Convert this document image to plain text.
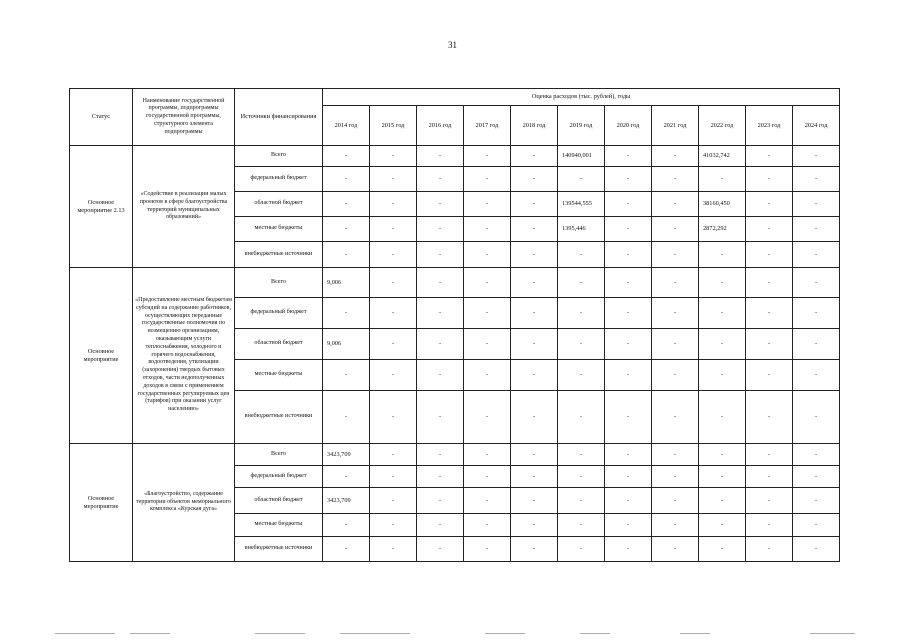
31
Статус	Наименование государственной программы, подпрограммы государственной программы, структурного элемента подпрограммы	Источники финансирования	Оценка расходов (тыс. рублей), годы										
			2014 год	2015 год	2016 год	2017 год	2018 год	2019 год	2020 год	2021 год	2022 год	2023 год	2024 год
Основное мероприятие 2.13	«Содействие в реализации малых проектов в сфере благоустройства территорий муниципальных образований»	Всего	-	-	-	-	-	140940,001	-	-	41032,742	-	-
		федеральный бюджет	-	-	-	-	-	-	-	-	-	-	-
		областной бюджет	-	-	-	-	-	139544,555	-	-	38160,450	-	-
		местные бюджеты	-	-	-	-	-	1395,446	-	-	2872,292	-	-
		внебюджетные источники	-	-	-	-	-	-	-	-	-	-	-
Основное мероприятие	«Предоставление местным бюджетам субсидий на содержание работников, осуществляющих переданные государственные полномочия по возмещению организациям, оказывающим услуги теплоснабжения, холодного и горячего водоснабжения, водоотведения, утилизации (захоронения) твердых бытовых отходов, части недополученных доходов в связи с применением государственных регулируемых цен (тарифов) при оказании услуг населению»	Всего	9,006	-	-	-	-	-	-	-	-	-	-
		федеральный бюджет	-	-	-	-	-	-	-	-	-	-	-
		областной бюджет	9,006	-	-	-	-	-	-	-	-	-	-
		местные бюджеты	-	-	-	-	-	-	-	-	-	-	-
		внебюджетные источники	-	-	-	-	-	-	-	-	-	-	-
Основное мероприятие	«Благоустройство, содержание территории объектов мемориального комплекса «Курская дуга»	Всего	3423,709	-	-	-	-	-	-	-	-	-	-
		федеральный бюджет	-	-	-	-	-	-	-	-	-	-	-
		областной бюджет	3423,709	-	-	-	-	-	-	-	-	-	-
		местные бюджеты	-	-	-	-	-	-	-	-	-	-	-
		внебюджетные источники	-	-	-	-	-	-	-	-	-	-	-
